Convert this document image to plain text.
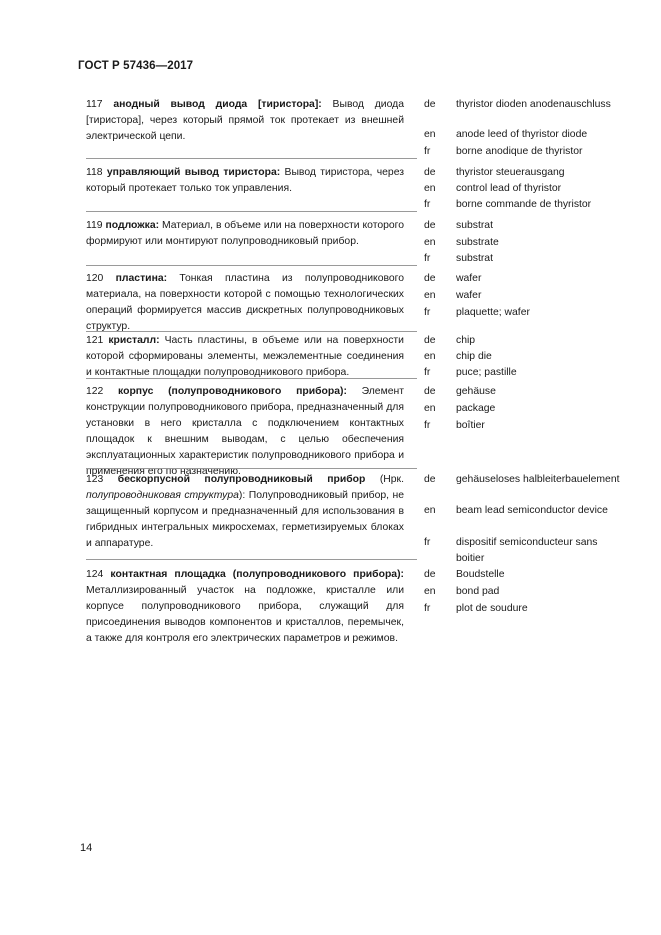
ГОСТ Р 57436—2017
117 анодный вывод диода [тиристора]: Вывод диода [тиристора], через который прямой ток протекает из внешней электрической цепи.
de	thyristor dioden anodenauschluss
en	anode leed of thyristor diode
fr	borne anodique de thyristor
118 управляющий вывод тиристора: Вывод тиристора, через который протекает только ток управления.
de	thyristor steuerausgang
en	control lead of thyristor
fr	borne commande de thyristor
119 подложка: Материал, в объеме или на поверхности которого формируют или монтируют полупроводниковый прибор.
de	substrat
en	substrate
fr	substrat
120 пластина: Тонкая пластина из полупроводникового материала, на поверхности которой с помощью технологических операций формируется массив дискретных полупроводниковых структур.
de	wafer
en	wafer
fr	plaquette; wafer
121 кристалл: Часть пластины, в объеме или на поверхности которой сформированы элементы, межэлементные соединения и контактные площадки полупроводникового прибора.
de	chip
en	chip die
fr	puce; pastille
122 корпус (полупроводникового прибора): Элемент конструкции полупроводникового прибора, предназначенный для установки в него кристалла с подключением контактных площадок к внешним выводам, с целью обеспечения эксплуатационных характеристик полупроводникового прибора и применения его по назначению.
de	gehäuse
en	package
fr	boîtier
123 бескорпусной полупроводниковый прибор (Нрк. полупроводниковая структура): Полупроводниковый прибор, не защищенный корпусом и предназначенный для использования в гибридных интегральных микросхемах, герметизируемых блоках и аппаратуре.
de	gehäuseloses halbleiterbauelement
en	beam lead semiconductor device
fr	dispositif semiconducteur sans boitier
124 контактная площадка (полупроводникового прибора): Металлизированный участок на подложке, кристалле или корпусе полупроводникового прибора, служащий для присоединения выводов компонентов и кристаллов, перемычек, а также для контроля его электрических параметров и режимов.
de	Boudstelle
en	bond pad
fr	plot de soudure
14
